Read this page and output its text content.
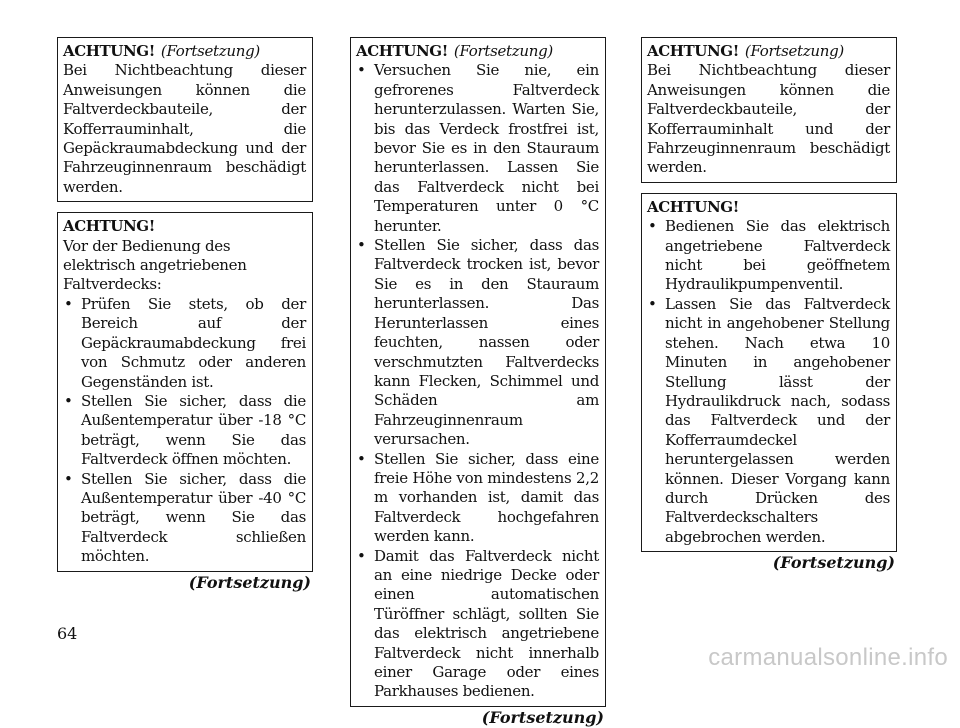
ACHTUNG! (Fortsetzung)

Bei Nichtbeachtung dieser Anweisungen können die Faltverdeckbauteile, der Kofferrauminhalt, die Gepäckraumabdeckung und der Fahrzeuginnenraum beschädigt werden.

ACHTUNG!

Vor der Bedienung des elektrisch angetriebenen Faltverdecks:

• Prüfen Sie stets, ob der Bereich auf der Gepäckraumabdeckung frei von Schmutz oder anderen Gegenständen ist.
• Stellen Sie sicher, dass die Außentemperatur über -18 °C beträgt, wenn Sie das Faltverdeck öffnen möchten.
• Stellen Sie sicher, dass die Außentemperatur über -40 °C beträgt, wenn Sie das Faltverdeck schließen möchten.
(Fortsetzung)

ACHTUNG! (Fortsetzung)

• Versuchen Sie nie, ein gefrorenes Faltverdeck herunterzulassen. Warten Sie, bis das Verdeck frostfrei ist, bevor Sie es in den Stauraum herunterlassen. Lassen Sie das Faltverdeck nicht bei Temperaturen unter 0 °C herunter.
• Stellen Sie sicher, dass das Faltverdeck trocken ist, bevor Sie es in den Stauraum herunterlassen. Das Herunterlassen eines feuchten, nassen oder verschmutzten Faltverdecks kann Flecken, Schimmel und Schäden am Fahrzeuginnenraum verursachen.
• Stellen Sie sicher, dass eine freie Höhe von mindestens 2,2 m vorhanden ist, damit das Faltverdeck hochgefahren werden kann.
• Damit das Faltverdeck nicht an eine niedrige Decke oder einen automatischen Türöffner schlägt, sollten Sie das elektrisch angetriebene Faltverdeck nicht innerhalb einer Garage oder eines Parkhauses bedienen.
(Fortsetzung)

ACHTUNG! (Fortsetzung)

Bei Nichtbeachtung dieser Anweisungen können die Faltverdeckbauteile, der Kofferrauminhalt und der Fahrzeuginnenraum beschädigt werden.

ACHTUNG!

• Bedienen Sie das elektrisch angetriebene Faltverdeck nicht bei geöffnetem Hydraulikpumpenventil.
• Lassen Sie das Faltverdeck nicht in angehobener Stellung stehen. Nach etwa 10 Minuten in angehobener Stellung lässt der Hydraulikdruck nach, sodass das Faltverdeck und der Kofferraumdeckel heruntergelassen werden können. Dieser Vorgang kann durch Drücken des Faltverdeckschalters abgebrochen werden.
(Fortsetzung)
64
carmanualsonline.info
